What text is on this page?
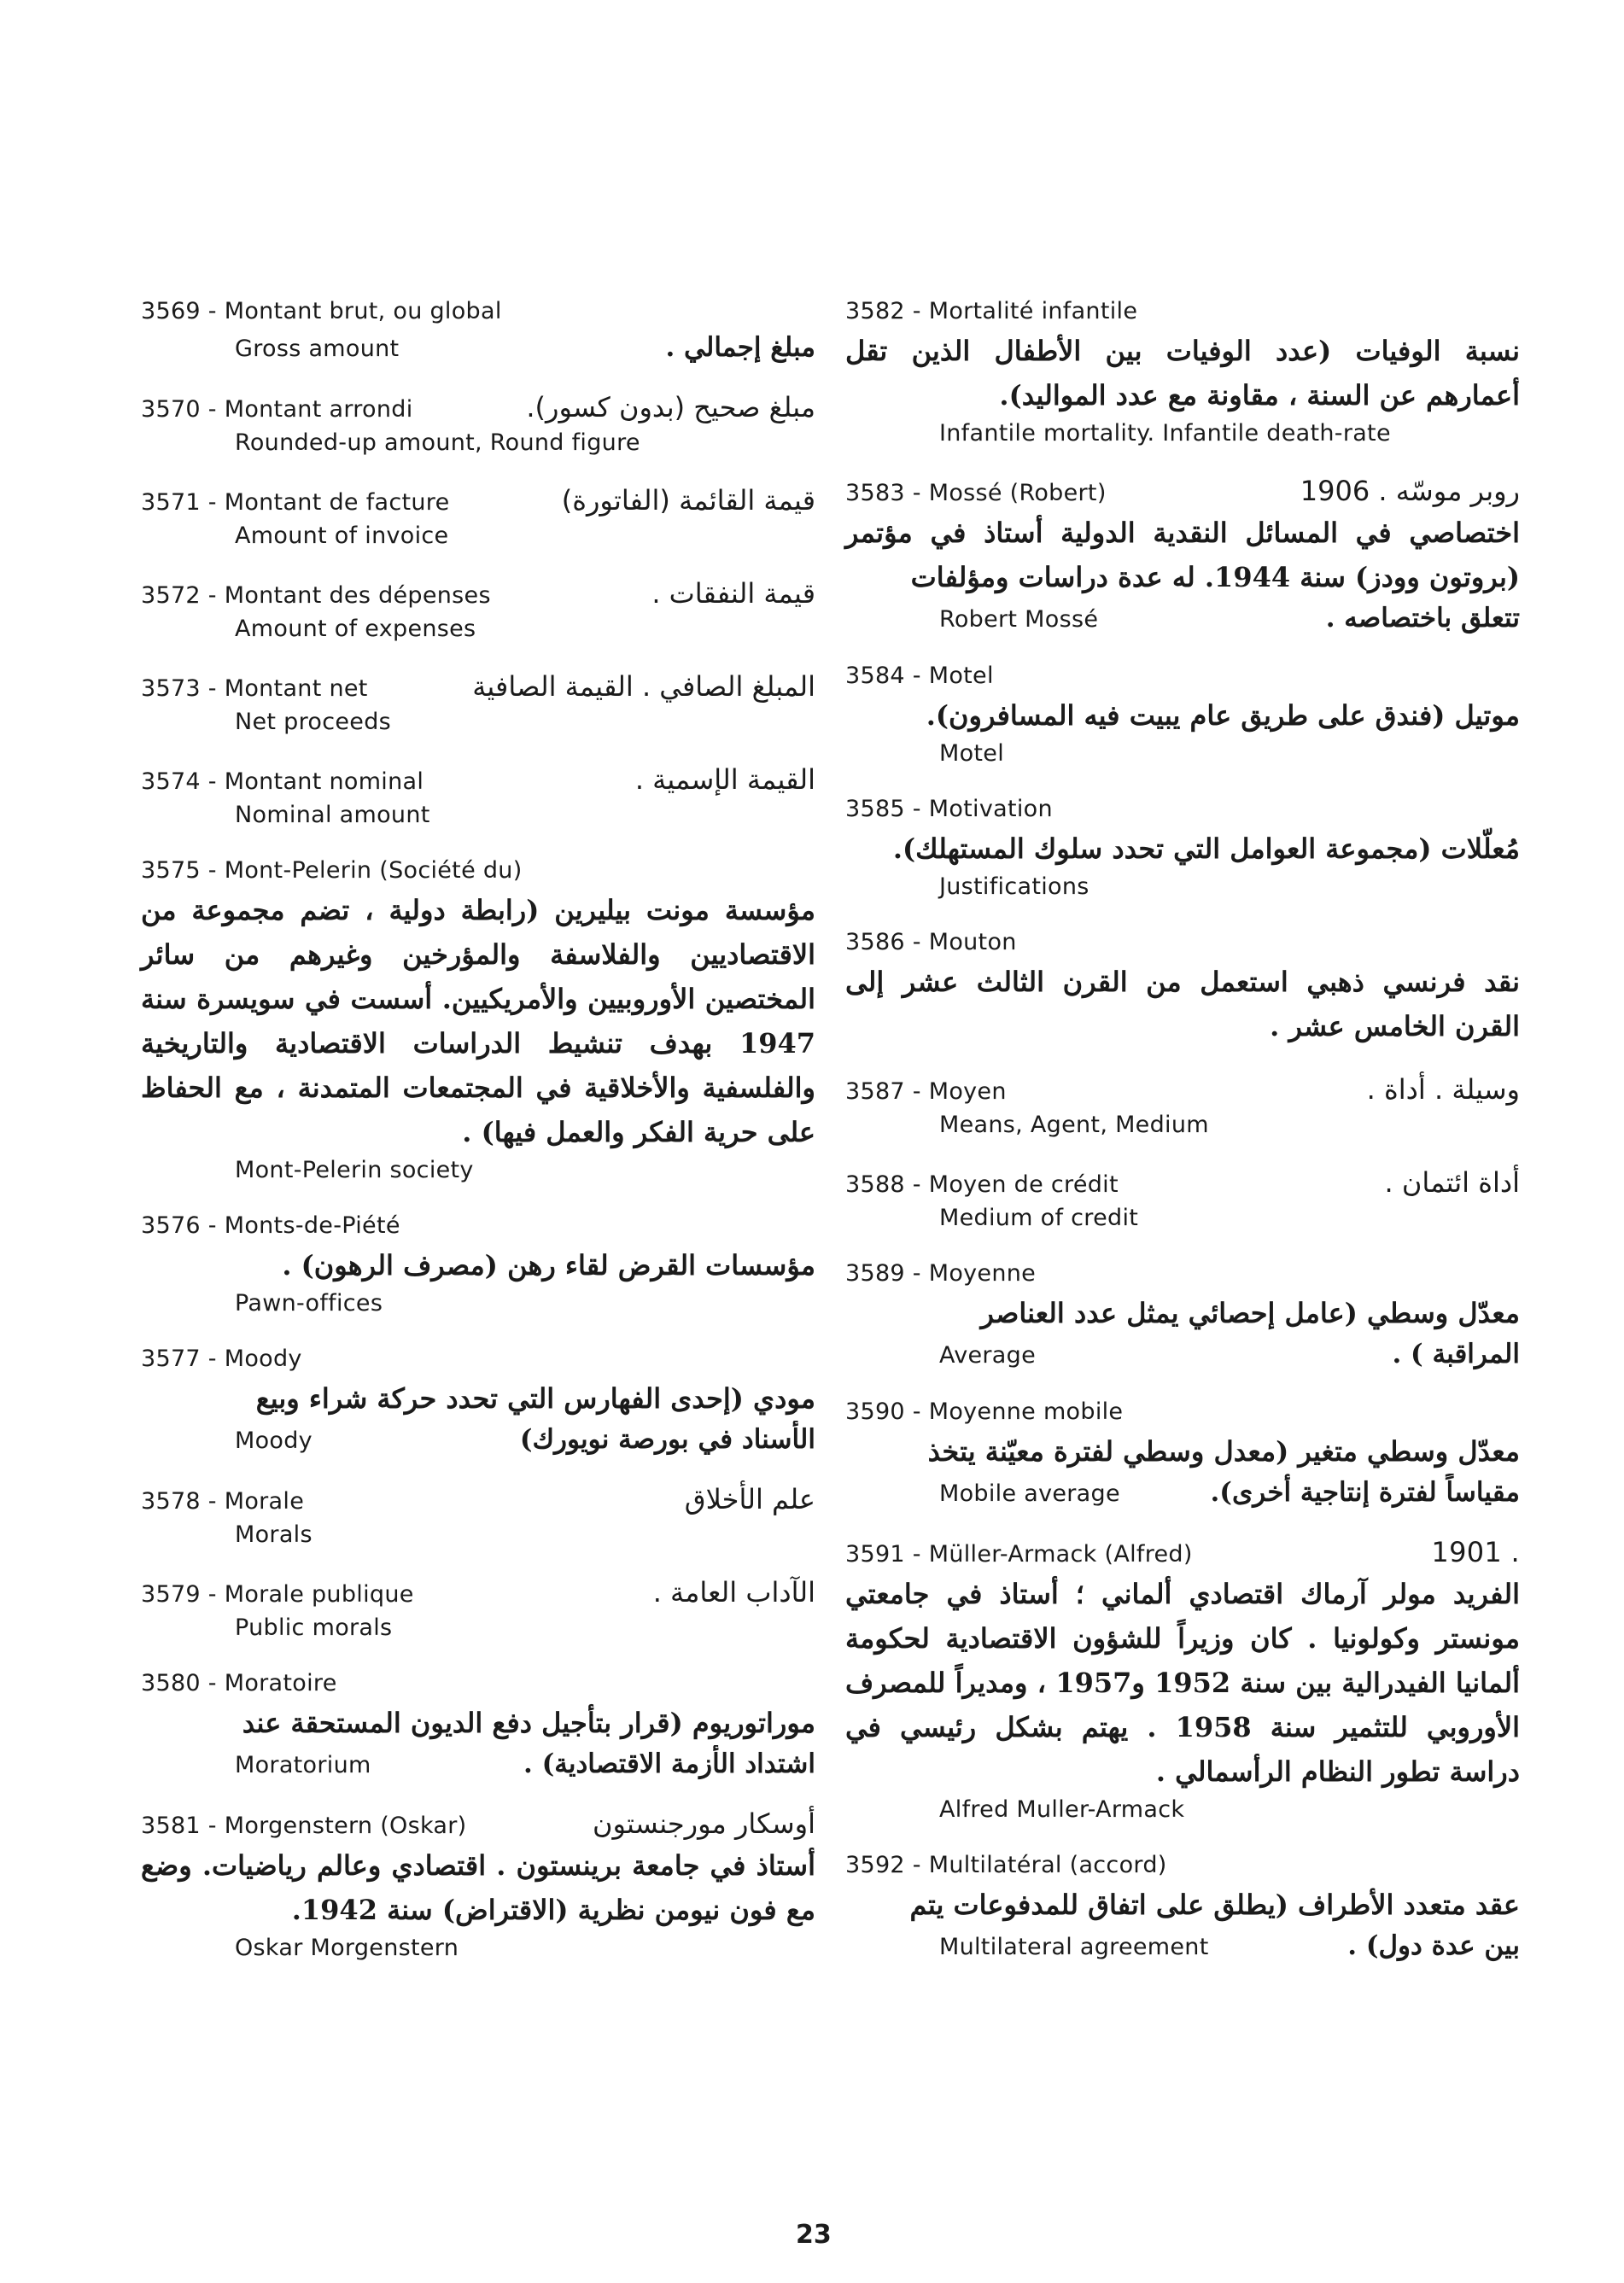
3569 - Montant brut, ou global
Gross amount	مبلغ إجمالي .
3570 - Montant arrondi	مبلغ صحيح (بدون كسور).
Rounded-up amount, Round figure
3571 - Montant de facture	قيمة القائمة (الفاتورة)
Amount of invoice
3572 - Montant des dépenses	قيمة النفقات .
Amount of expenses
3573 - Montant net	المبلغ الصافي . القيمة الصافية
Net proceeds
3574 - Montant nominal	القيمة الإسمية .
Nominal amount
3575 - Mont-Pelerin (Société du)
مؤسسة مونت بيليرين (رابطة دولية ، تضم مجموعة من الاقتصاديين والفلاسفة والمؤرخين وغيرهم من سائر المختصين الأوروبيين والأمريكيين. أسست في سويسرة سنة 1947 بهدف تنشيط الدراسات الاقتصادية والتاريخية والفلسفية والأخلاقية في المجتمعات المتمدنة ، مع الحفاظ على حرية الفكر والعمل فيها) .
Mont-Pelerin society
3576 - Monts-de-Piété
مؤسسات القرض لقاء رهن (مصرف الرهون) .
Pawn-offices
3577 - Moody
مودي (إحدى الفهارس التي تحدد حركة شراء وبيع
Moody	الأسناد في بورصة نويورك)
3578 - Morale	علم الأخلاق
Morals
3579 - Morale publique	الآداب العامة .
Public morals
3580 - Moratoire
موراتوريوم (قرار بتأجيل دفع الديون المستحقة عند
Moratorium	اشتداد الأزمة الاقتصادية) .
3581 - Morgenstern (Oskar)	أوسكار مورجنستون
أستاذ في جامعة برينستون . اقتصادي وعالم رياضيات. وضع مع فون نيومن نظرية (الاقتراض) سنة 1942.
Oskar Morgenstern
3582 - Mortalité infantile
نسبة الوفيات (عدد الوفيات بين الأطفال الذين تقل أعمارهم عن السنة ، مقاونة مع عدد المواليد).
Infantile mortality. Infantile death-rate
3583 - Mossé (Robert)	روبر موسّه . 1906
اختصاصي في المسائل النقدية الدولية أستاذ في مؤتمر (بروتون وودز) سنة 1944. له عدة دراسات ومؤلفات
Robert Mossé	تتعلق باختصاصه .
3584 - Motel
موتيل (فندق على طريق عام يبيت فيه المسافرون).
Motel
3585 - Motivation
مُعلّلات (مجموعة العوامل التي تحدد سلوك المستهلك).
Justifications
3586 - Mouton
نقد فرنسي ذهبي استعمل من القرن الثالث عشر إلى القرن الخامس عشر .
3587 - Moyen	وسيلة . أداة .
Means, Agent, Medium
3588 - Moyen de crédit	أداة ائتمان .
Medium of credit
3589 - Moyenne
معدّل وسطي (عامل إحصائي يمثل عدد العناصر
Average	المراقبة ) .
3590 - Moyenne mobile
معدّل وسطي متغير (معدل وسطي لفترة معيّنة يتخذ
Mobile average	مقياساً لفترة إنتاجية أخرى).
3591 - Müller-Armack (Alfred)	. 1901
الفريد مولر آرماك اقتصادي ألماني ؛ أستاذ في جامعتي مونستر وكولونيا . كان وزيراً للشؤون الاقتصادية لحكومة ألمانيا الفيدرالية بين سنة 1952 و1957 ، ومديراً للمصرف الأوروبي للتثمير سنة 1958 . يهتم بشكل رئيسي في دراسة تطور النظام الرأسمالي .
Alfred Muller-Armack
3592 - Multilatéral (accord)
عقد متعدد الأطراف (يطلق على اتفاق للمدفوعات يتم
Multilateral agreement	بين عدة دول) .
23
